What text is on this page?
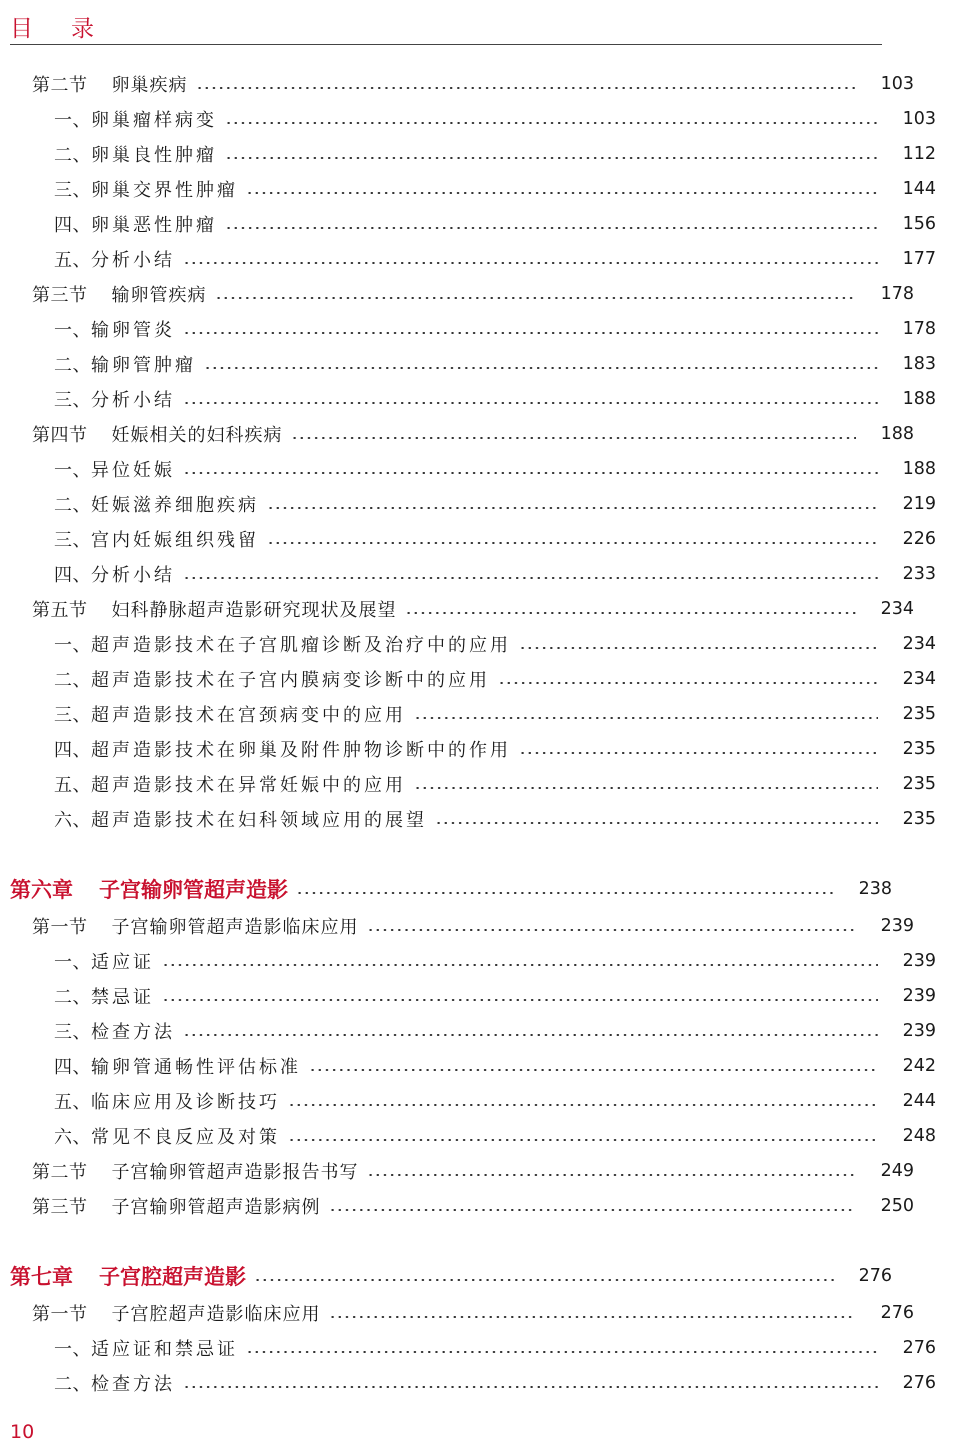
目录
第二节 卵巢疾病	103
一、 卵巢瘤样病变	103
二、 卵巢良性肿瘤	112
三、 卵巢交界性肿瘤	144
四、 卵巢恶性肿瘤	156
五、 分析小结	177
第三节 输卵管疾病	178
一、 输卵管炎	178
二、 输卵管肿瘤	183
三、 分析小结	188
第四节 妊娠相关的妇科疾病	188
一、 异位妊娠	188
二、 妊娠滋养细胞疾病	219
三、 宫内妊娠组织残留	226
四、 分析小结	233
第五节 妇科静脉超声造影研究现状及展望	234
一、 超声造影技术在子宫肌瘤诊断及治疗中的应用	234
二、 超声造影技术在子宫内膜病变诊断中的应用	234
三、 超声造影技术在宫颈病变中的应用	235
四、 超声造影技术在卵巢及附件肿物诊断中的作用	235
五、 超声造影技术在异常妊娠中的应用	235
六、 超声造影技术在妇科领域应用的展望	235
第六章 子宫输卵管超声造影	238
第一节 子宫输卵管超声造影临床应用	239
一、 适应证	239
二、 禁忌证	239
三、 检查方法	239
四、 输卵管通畅性评估标准	242
五、 临床应用及诊断技巧	244
六、 常见不良反应及对策	248
第二节 子宫输卵管超声造影报告书写	249
第三节 子宫输卵管超声造影病例	250
第七章 子宫腔超声造影	276
第一节 子宫腔超声造影临床应用	276
一、 适应证和禁忌证	276
二、 检查方法	276
10
